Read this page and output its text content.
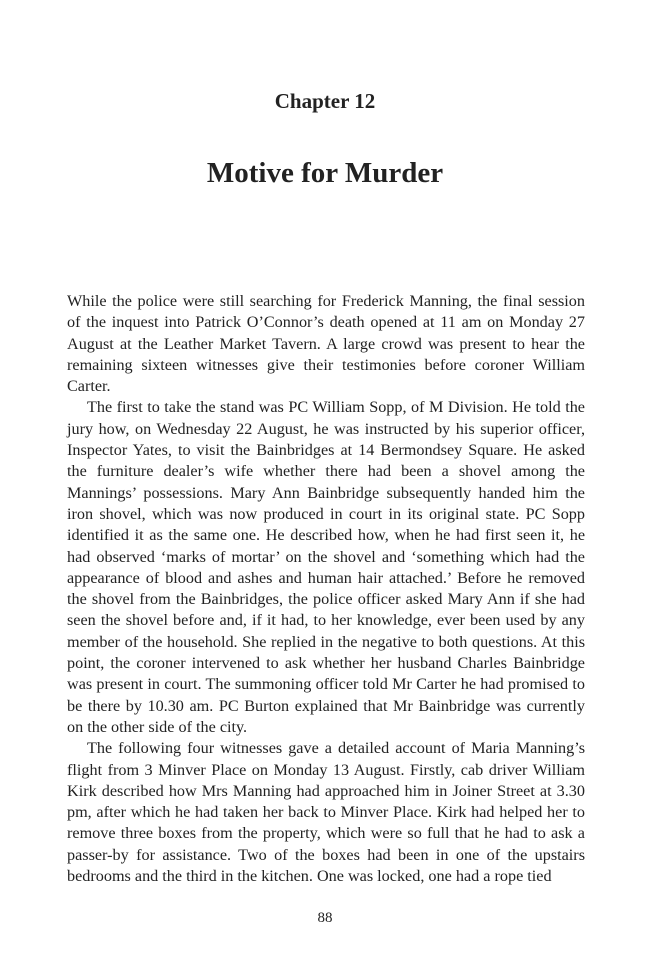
Chapter 12
Motive for Murder

While the police were still searching for Frederick Manning, the final session of the inquest into Patrick O’Connor’s death opened at 11 am on Monday 27 August at the Leather Market Tavern. A large crowd was present to hear the remaining sixteen witnesses give their testimonies before coroner William Carter.

The first to take the stand was PC William Sopp, of M Division. He told the jury how, on Wednesday 22 August, he was instructed by his superior officer, Inspector Yates, to visit the Bainbridges at 14 Bermondsey Square. He asked the furniture dealer’s wife whether there had been a shovel among the Mannings’ possessions. Mary Ann Bainbridge subsequently handed him the iron shovel, which was now produced in court in its original state. PC Sopp identified it as the same one. He described how, when he had first seen it, he had observed ‘marks of mortar’ on the shovel and ‘something which had the appearance of blood and ashes and human hair attached.’ Before he removed the shovel from the Bainbridges, the police officer asked Mary Ann if she had seen the shovel before and, if it had, to her knowledge, ever been used by any member of the household. She replied in the negative to both questions. At this point, the coroner intervened to ask whether her husband Charles Bainbridge was present in court. The summoning officer told Mr Carter he had promised to be there by 10.30 am. PC Burton explained that Mr Bainbridge was currently on the other side of the city.

The following four witnesses gave a detailed account of Maria Manning’s flight from 3 Minver Place on Monday 13 August. Firstly, cab driver William Kirk described how Mrs Manning had approached him in Joiner Street at 3.30 pm, after which he had taken her back to Minver Place. Kirk had helped her to remove three boxes from the property, which were so full that he had to ask a passer-by for assistance. Two of the boxes had been in one of the upstairs bedrooms and the third in the kitchen. One was locked, one had a rope tied

88
